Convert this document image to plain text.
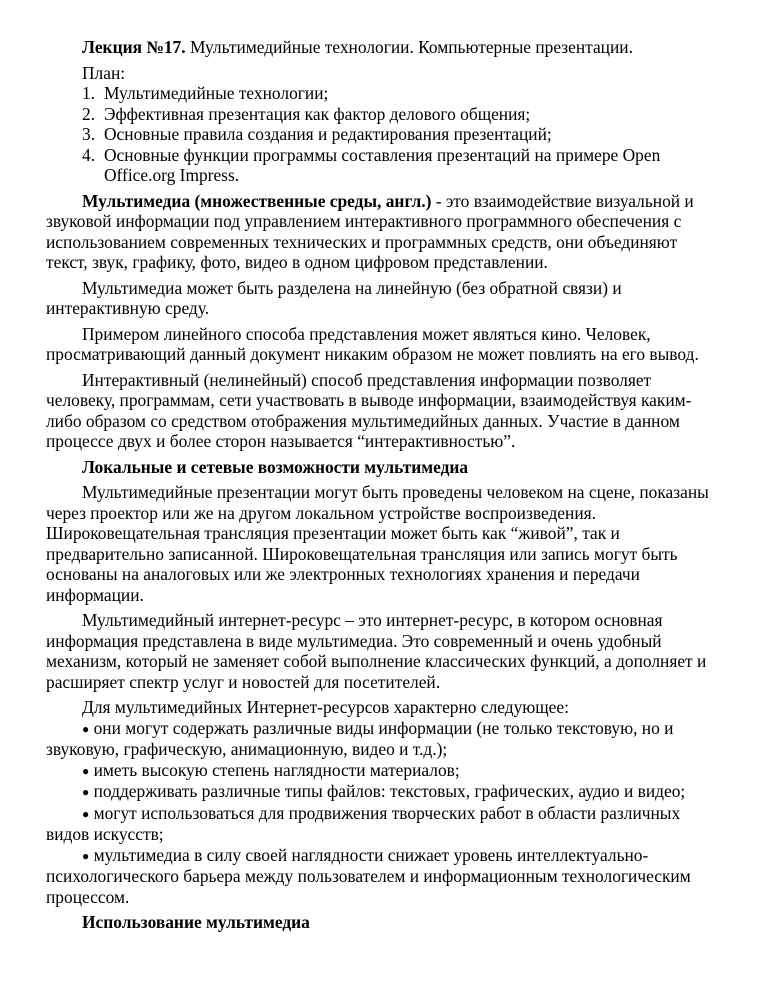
Лекция №17. Мультимедийные технологии. Компьютерные презентации.

План:

1. Мультимедийные технологии;
2. Эффективная презентация как фактор делового общения;
3. Основные правила создания и редактирования презентаций;
4. Основные функции программы составления презентаций на примере Open Office.org Impress.

Мультимедиа (множественные среды, англ.) - это взаимодействие визуальной и звуковой информации под управлением интерактивного программного обеспечения с использованием современных технических и программных средств, они объединяют текст, звук, графику, фото, видео в одном цифровом представлении.

Мультимедиа может быть разделена на линейную (без обратной связи) и интерактивную среду.

Примером линейного способа представления может являться кино. Человек, просматривающий данный документ никаким образом не может повлиять на его вывод.

Интерактивный (нелинейный) способ представления информации позволяет человеку, программам, сети участвовать в выводе информации, взаимодействуя каким-либо образом со средством отображения мультимедийных данных. Участие в данном процессе двух и более сторон называется “интерактивностью”.

Локальные и сетевые возможности мультимедиа

Мультимедийные презентации могут быть проведены человеком на сцене, показаны через проектор или же на другом локальном устройстве воспроизведения. Широковещательная трансляция презентации может быть как “живой”, так и предварительно записанной. Широковещательная трансляция или запись могут быть основаны на аналоговых или же электронных технологиях хранения и передачи информации.

Мультимедийный интернет-ресурс – это интернет-ресурс, в котором основная информация представлена в виде мультимедиа. Это современный и очень удобный механизм, который не заменяет собой выполнение классических функций, а дополняет и расширяет спектр услуг и новостей для посетителей.

Для мультимедийных Интернет-ресурсов характерно следующее:

● они могут содержать различные виды информации (не только текстовую, но и звуковую, графическую, анимационную, видео и т.д.);

● иметь высокую степень наглядности материалов;

● поддерживать различные типы файлов: текстовых, графических, аудио и видео;

● могут использоваться для продвижения творческих работ в области различных видов искусств;

● мультимедиа в силу своей наглядности снижает уровень интеллектуально-психологического барьера между пользователем и информационным технологическим процессом.

Использование мультимедиа
